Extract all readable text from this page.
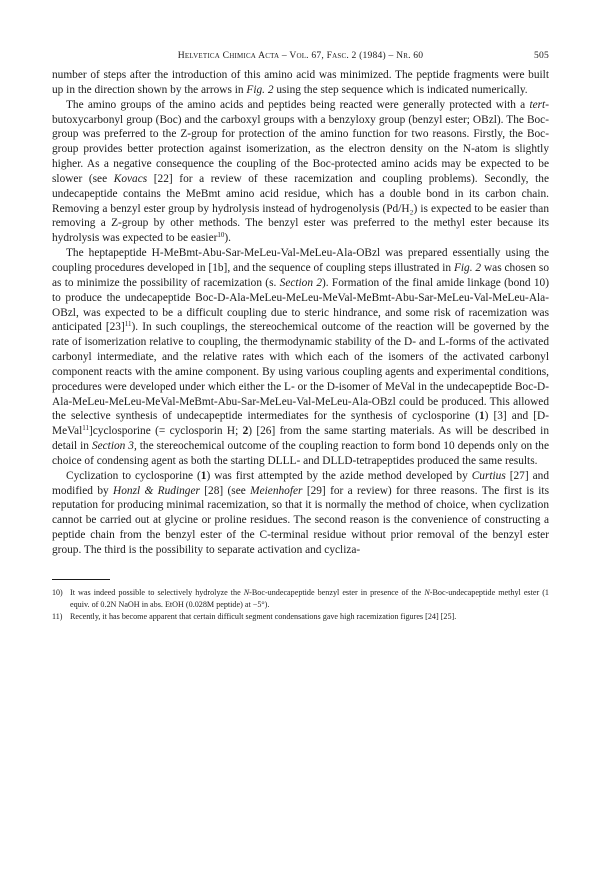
Helvetica Chimica Acta – Vol. 67, Fasc. 2 (1984) – Nr. 60	505

number of steps after the introduction of this amino acid was minimized. The peptide fragments were built up in the direction shown by the arrows in Fig. 2 using the step sequence which is indicated numerically.

The amino groups of the amino acids and peptides being reacted were generally protected with a tert-butoxycarbonyl group (Boc) and the carboxyl groups with a benzyloxy group (benzyl ester; OBzl). The Boc-group was preferred to the Z-group for protection of the amino function for two reasons. Firstly, the Boc-group provides better protection against isomerization, as the electron density on the N-atom is slightly higher. As a negative consequence the coupling of the Boc-protected amino acids may be expected to be slower (see Kovacs [22] for a review of these racemization and coupling problems). Secondly, the undecapeptide contains the MeBmt amino acid residue, which has a double bond in its carbon chain. Removing a benzyl ester group by hydrolysis instead of hydrogenolysis (Pd/H₂) is expected to be easier than removing a Z-group by other methods. The benzyl ester was preferred to the methyl ester because its hydrolysis was expected to be easier$^{10}$).

The heptapeptide H-MeBmt-Abu-Sar-MeLeu-Val-MeLeu-Ala-OBzl was prepared essentially using the coupling procedures developed in [1b], and the sequence of coupling steps illustrated in Fig. 2 was chosen so as to minimize the possibility of racemization (s. Section 2). Formation of the final amide linkage (bond 10) to produce the undecapeptide Boc-D-Ala-MeLeu-MeLeu-MeVal-MeBmt-Abu-Sar-MeLeu-Val-MeLeu-Ala-OBzl, was expected to be a difficult coupling due to steric hindrance, and some risk of racemization was anticipated $[23]^{11}$). In such couplings, the stereochemical outcome of the reaction will be governed by the rate of isomerization relative to coupling, the thermodynamic stability of the D- and L-forms of the activated carbonyl intermediate, and the relative rates with which each of the isomers of the activated carbonyl component reacts with the amine component. By using various coupling agents and experimental conditions, procedures were developed under which either the L- or the D-isomer of MeVal in the undecapeptide Boc-D-Ala-MeLeu-MeLeu-MeVal-MeBmt-Abu-Sar-MeLeu-Val-MeLeu-Ala-OBzl could be produced. This allowed the selective synthesis of undecapeptide intermediates for the synthesis of cyclosporine (1) [3] and [D-MeVal$^{11}$]cyclosporine (= cyclosporin H; 2) [26] from the same starting materials. As will be described in detail in Section 3, the stereochemical outcome of the coupling reaction to form bond 10 depends only on the choice of condensing agent as both the starting DLLL- and DLLD-tetrapeptides produced the same results.

Cyclization to cyclosporine (1) was first attempted by the azide method developed by Curtius [27] and modified by Honzl & Rudinger [28] (see Meienhofer [29] for a review) for three reasons. The first is its reputation for producing minimal racemization, so that it is normally the method of choice, when cyclization cannot be carried out at glycine or proline residues. The second reason is the convenience of constructing a peptide chain from the benzyl ester of the C-terminal residue without prior removal of the benzyl ester group. The third is the possibility to separate activation and cycliza-

10) It was indeed possible to selectively hydrolyze the N-Boc-undecapeptide benzyl ester in presence of the N-Boc-undecapeptide methyl ester (1 equiv. of 0.2N NaOH in abs. EtOH (0.028M peptide) at −5°).
11) Recently, it has become apparent that certain difficult segment condensations gave high racemization figures [24] [25].
